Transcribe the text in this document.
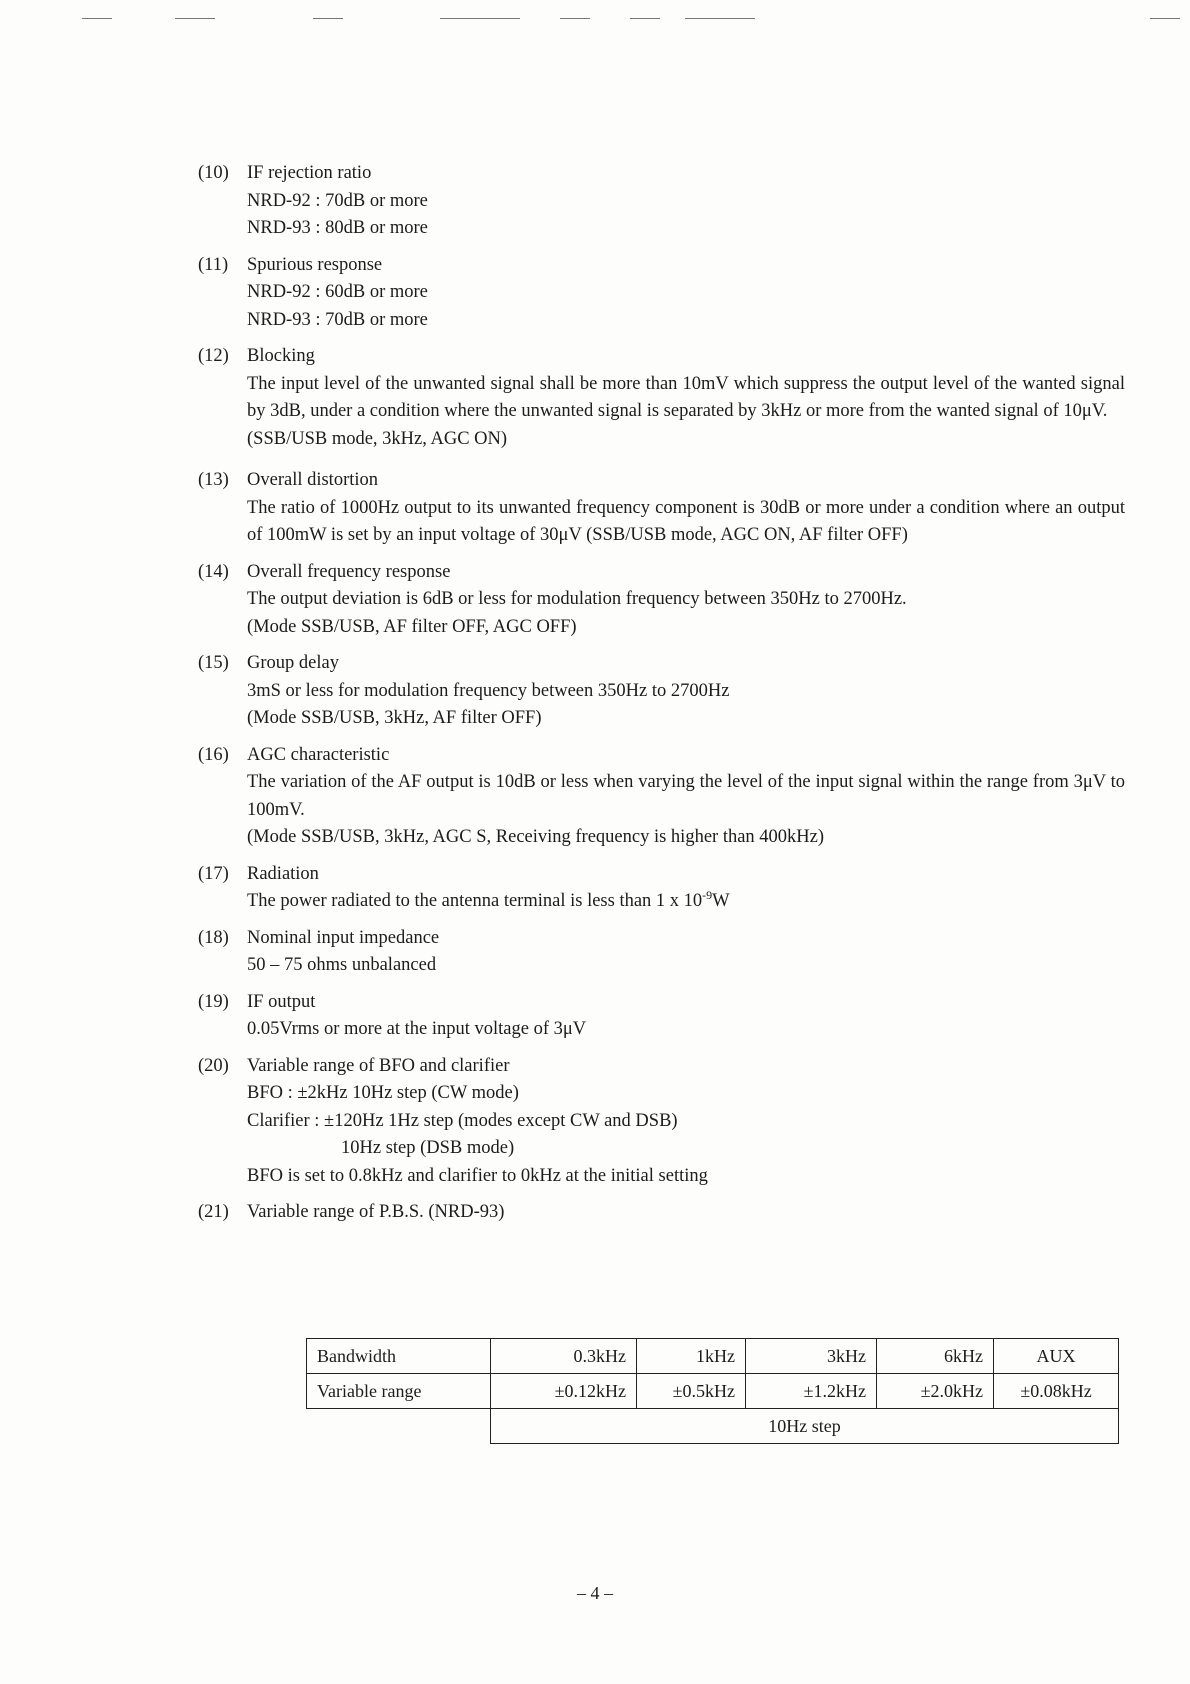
(10) IF rejection ratio
NRD-92 : 70dB or more
NRD-93 : 80dB or more
(11) Spurious response
NRD-92 : 60dB or more
NRD-93 : 70dB or more
(12) Blocking
The input level of the unwanted signal shall be more than 10mV which suppress the output level of the wanted signal by 3dB, under a condition where the unwanted signal is separated by 3kHz or more from the wanted signal of 10μV.
(SSB/USB mode, 3kHz, AGC ON)
(13) Overall distortion
The ratio of 1000Hz output to its unwanted frequency component is 30dB or more under a condition where an output of 100mW is set by an input voltage of 30μV (SSB/USB mode, AGC ON, AF filter OFF)
(14) Overall frequency response
The output deviation is 6dB or less for modulation frequency between 350Hz to 2700Hz.
(Mode SSB/USB, AF filter OFF, AGC OFF)
(15) Group delay
3mS or less for modulation frequency between 350Hz to 2700Hz
(Mode SSB/USB, 3kHz, AF filter OFF)
(16) AGC characteristic
The variation of the AF output is 10dB or less when varying the level of the input signal within the range from 3μV to 100mV.
(Mode SSB/USB, 3kHz, AGC S, Receiving frequency is higher than 400kHz)
(17) Radiation
The power radiated to the antenna terminal is less than 1 x $10^{-9}W$
(18) Nominal input impedance
50 – 75 ohms unbalanced
(19) IF output
0.05Vrms or more at the input voltage of 3μV
(20) Variable range of BFO and clarifier
BFO : ±2kHz 10Hz step (CW mode)
Clarifier : ±120Hz 1Hz step (modes except CW and DSB)
10Hz step (DSB mode)
BFO is set to 0.8kHz and clarifier to 0kHz at the initial setting
(21) Variable range of P.B.S. (NRD-93)
Bandwidth	0.3kHz	1kHz	3kHz	6kHz	AUX
Variable range	±0.12kHz	±0.5kHz	±1.2kHz	±2.0kHz	±0.08kHz
	10Hz step				
– 4 –
